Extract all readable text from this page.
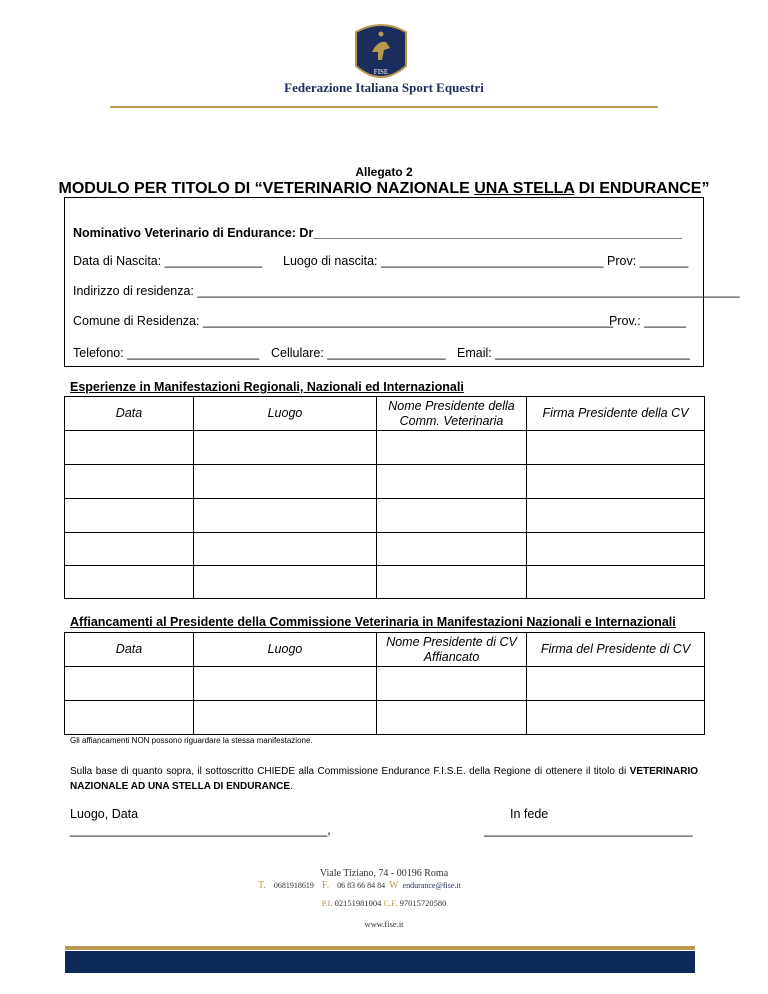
FISE
Federazione Italiana Sport Equestri
Allegato 2
MODULO PER TITOLO DI “VETERINARIO NAZIONALE UNA STELLA DI ENDURANCE”
Nominativo Veterinario di Endurance: Dr_____________________________________________________
Data di Nascita: ______________ Luogo di nascita: ________________________________ Prov: _______
Indirizzo di residenza: ______________________________________________________________________________
Comune di Residenza: ___________________________________________________________
Prov.: ______
Telefono: ___________________ Cellulare: _________________ Email: ____________________________
Esperienze in Manifestazioni Regionali, Nazionali ed Internazionali
Data	Luogo	Nome Presidente della Comm. Veterinaria	Firma Presidente della CV

Affiancamenti al Presidente della Commissione Veterinaria in Manifestazioni Nazionali e Internazionali
Data	Luogo	Nome Presidente di CV Affiancato	Firma del Presidente di CV

Gli affiancamenti NON possono riguardare la stessa manifestazione.
Sulla base di quanto sopra, il sottoscritto CHIEDE alla Commissione Endurance F.I.S.E. della Regione di ottenere il titolo di VETERINARIO NAZIONALE AD UNA STELLA DI ENDURANCE.
Luogo, Data	In fede
_____________________________________,	______________________________
Viale Tiziano, 74 - 00196 Roma
T. 0681918619 F. 06 83 66 84 84 W endurance@fise.it
P.I. 02151981004 C.F. 97015720580
www.fise.it
